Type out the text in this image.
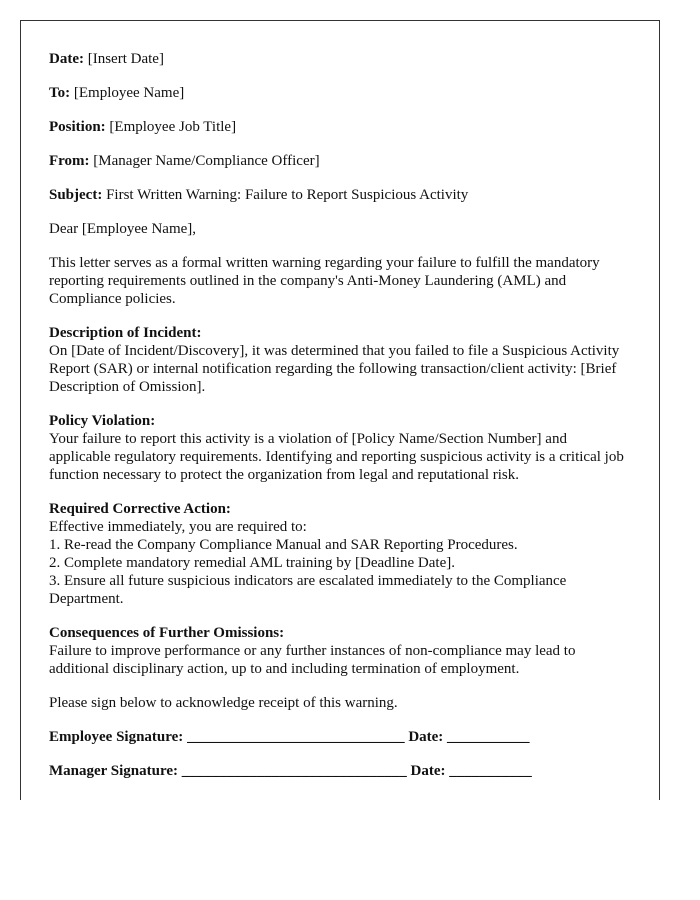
Date: [Insert Date]

To: [Employee Name]

Position: [Employee Job Title]

From: [Manager Name/Compliance Officer]

Subject: First Written Warning: Failure to Report Suspicious Activity

Dear [Employee Name],

This letter serves as a formal written warning regarding your failure to fulfill the mandatory reporting requirements outlined in the company's Anti-Money Laundering (AML) and Compliance policies.

Description of Incident:
On [Date of Incident/Discovery], it was determined that you failed to file a Suspicious Activity Report (SAR) or internal notification regarding the following transaction/client activity: [Brief Description of Omission].

Policy Violation:
Your failure to report this activity is a violation of [Policy Name/Section Number] and applicable regulatory requirements. Identifying and reporting suspicious activity is a critical job function necessary to protect the organization from legal and reputational risk.

Required Corrective Action:
Effective immediately, you are required to:
1. Re-read the Company Compliance Manual and SAR Reporting Procedures.
2. Complete mandatory remedial AML training by [Deadline Date].
3. Ensure all future suspicious indicators are escalated immediately to the Compliance Department.

Consequences of Further Omissions:
Failure to improve performance or any further instances of non-compliance may lead to additional disciplinary action, up to and including termination of employment.

Please sign below to acknowledge receipt of this warning.

Employee Signature: _____________________________ Date: ___________

Manager Signature: ______________________________ Date: ___________
